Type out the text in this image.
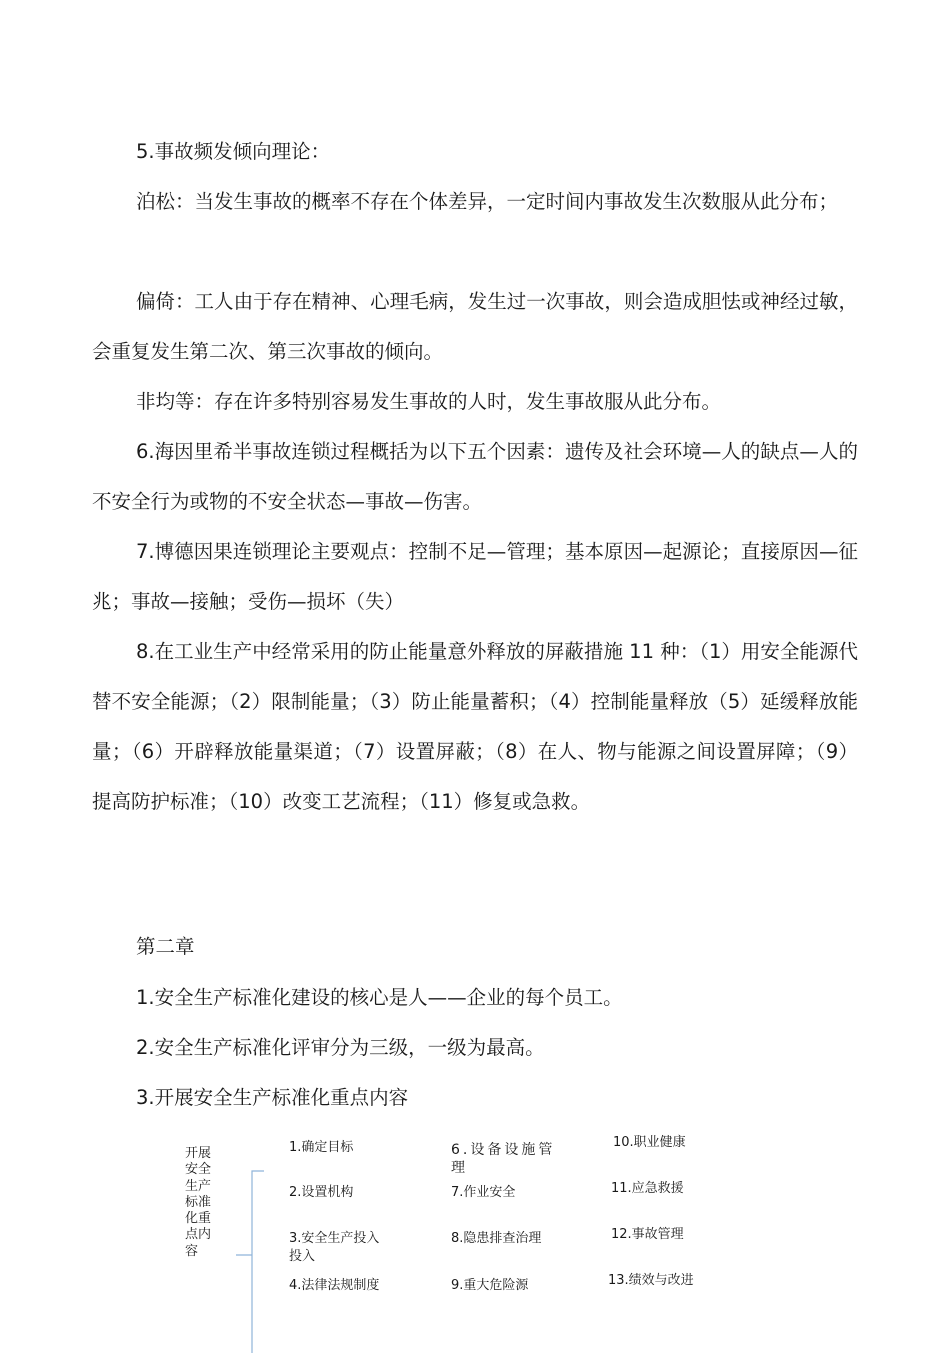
5.事故频发倾向理论：

泊松：当发生事故的概率不存在个体差异，一定时间内事故发生次数服从此分布；

偏倚：工人由于存在精神、心理毛病，发生过一次事故，则会造成胆怯或神经过敏，会重复发生第二次、第三次事故的倾向。

非均等：存在许多特别容易发生事故的人时，发生事故服从此分布。

6.海因里希半事故连锁过程概括为以下五个因素：遗传及社会环境—人的缺点—人的不安全行为或物的不安全状态—事故—伤害。

7.博德因果连锁理论主要观点：控制不足—管理；基本原因—起源论；直接原因—征兆；事故—接触；受伤—损坏（失）

8.在工业生产中经常采用的防止能量意外释放的屏蔽措施 11 种：（1）用安全能源代替不安全能源；（2）限制能量；（3）防止能量蓄积；（4）控制能量释放（5）延缓释放能量；（6）开辟释放能量渠道；（7）设置屏蔽；（8）在人、物与能源之间设置屏障；（9）提高防护标准；（10）改变工艺流程；（11）修复或急救。

第二章

1.安全生产标准化建设的核心是人——企业的每个员工。

2.安全生产标准化评审分为三级，一级为最高。

3.开展安全生产标准化重点内容

开展安全生产标准化重点内容
1.确定目标
2.设置机构
3.安全生产投入投入
4.法律法规制度
6.设备设施管理
7.作业安全
8.隐患排查治理
9.重大危险源
10.职业健康
11.应急救援
12.事故管理
13.绩效与改进
